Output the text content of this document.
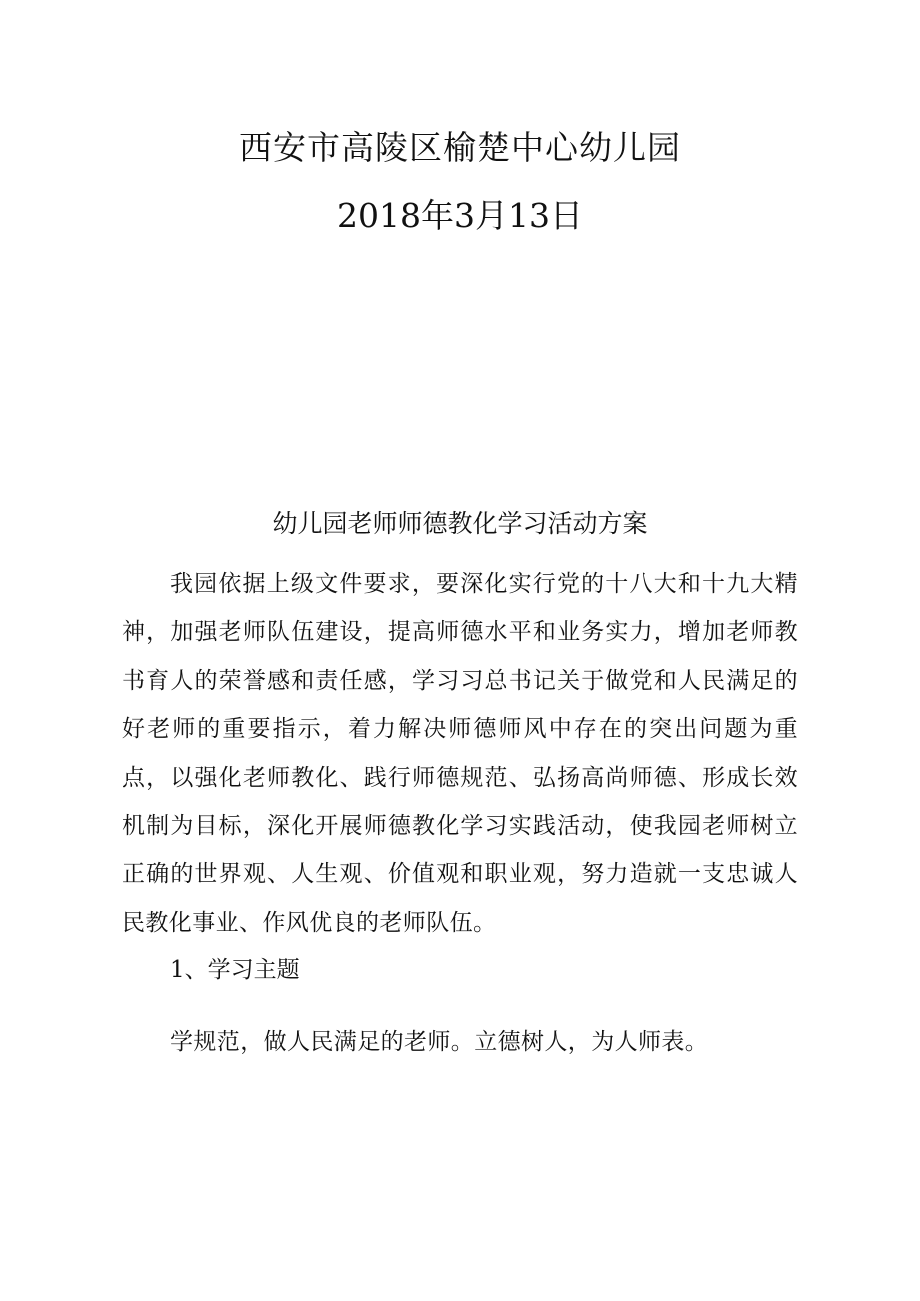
西安市高陵区榆楚中心幼儿园
2018年3月13日
幼儿园老师师德教化学习活动方案

我园依据上级文件要求，要深化实行党的十八大和十九大精神，加强老师队伍建设，提高师德水平和业务实力，增加老师教书育人的荣誉感和责任感，学习习总书记关于做党和人民满足的好老师的重要指示，着力解决师德师风中存在的突出问题为重点，以强化老师教化、践行师德规范、弘扬高尚师德、形成长效机制为目标，深化开展师德教化学习实践活动，使我园老师树立正确的世界观、人生观、价值观和职业观，努力造就一支忠诚人民教化事业、作风优良的老师队伍。

1、学习主题
学规范，做人民满足的老师。立德树人，为人师表。
